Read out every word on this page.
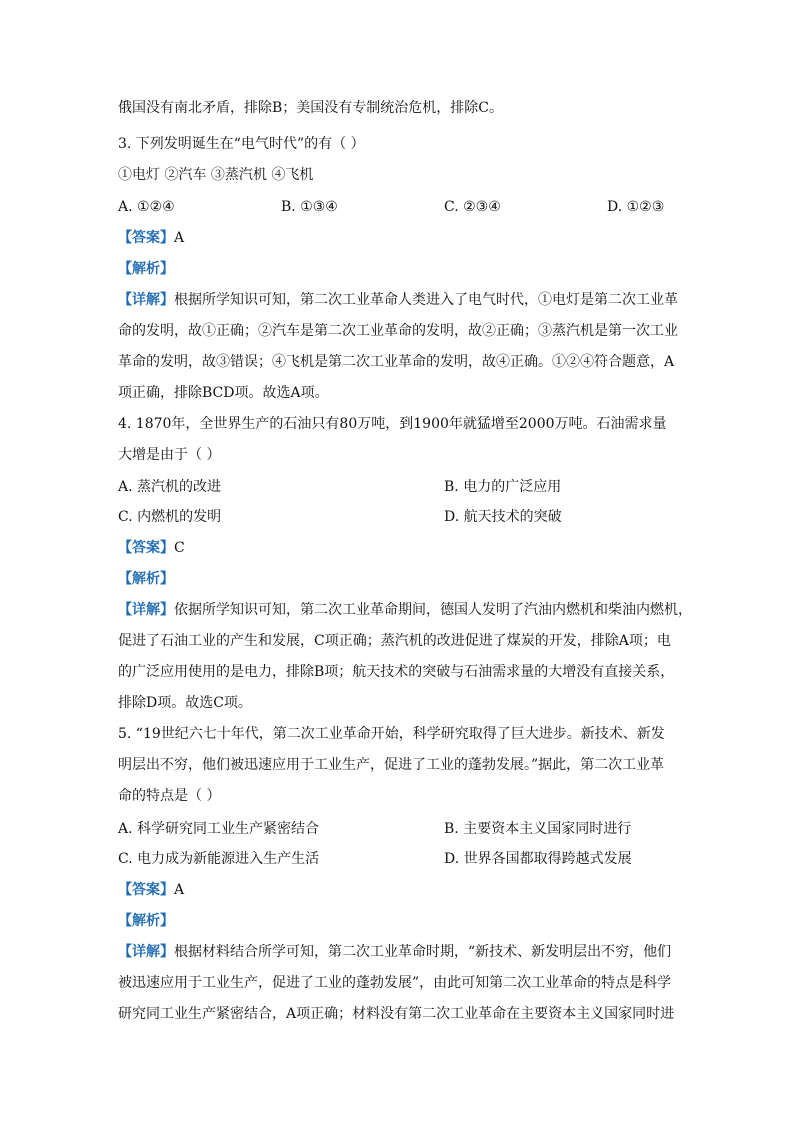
俄国没有南北矛盾，排除B；美国没有专制统治危机，排除C。
3. 下列发明诞生在“电气时代”的有（ ）
①电灯 ②汽车 ③蒸汽机 ④飞机
A. ①②④	B. ①③④	C. ②③④	D. ①②③
【答案】A
【解析】
【详解】根据所学知识可知，第二次工业革命人类进入了电气时代，①电灯是第二次工业革
命的发明，故①正确；②汽车是第二次工业革命的发明，故②正确；③蒸汽机是第一次工业
革命的发明，故③错误；④飞机是第二次工业革命的发明，故④正确。①②④符合题意，A
项正确，排除BCD项。故选A项。
4. 1870年，全世界生产的石油只有80万吨，到1900年就猛增至2000万吨。石油需求量
大增是由于（ ）
A. 蒸汽机的改进	B. 电力的广泛应用
C. 内燃机的发明	D. 航天技术的突破
【答案】C
【解析】
【详解】依据所学知识可知，第二次工业革命期间，德国人发明了汽油内燃机和柴油内燃机，
促进了石油工业的产生和发展，C项正确；蒸汽机的改进促进了煤炭的开发，排除A项；电
的广泛应用使用的是电力，排除B项；航天技术的突破与石油需求量的大增没有直接关系，
排除D项。故选C项。
5. “19世纪六七十年代，第二次工业革命开始，科学研究取得了巨大进步。新技术、新发
明层出不穷，他们被迅速应用于工业生产，促进了工业的蓬勃发展。”据此，第二次工业革
命的特点是（ ）
A. 科学研究同工业生产紧密结合	B. 主要资本主义国家同时进行
C. 电力成为新能源进入生产生活	D. 世界各国都取得跨越式发展
【答案】A
【解析】
【详解】根据材料结合所学可知，第二次工业革命时期，“新技术、新发明层出不穷，他们
被迅速应用于工业生产，促进了工业的蓬勃发展”，由此可知第二次工业革命的特点是科学
研究同工业生产紧密结合，A项正确；材料没有第二次工业革命在主要资本主义国家同时进
